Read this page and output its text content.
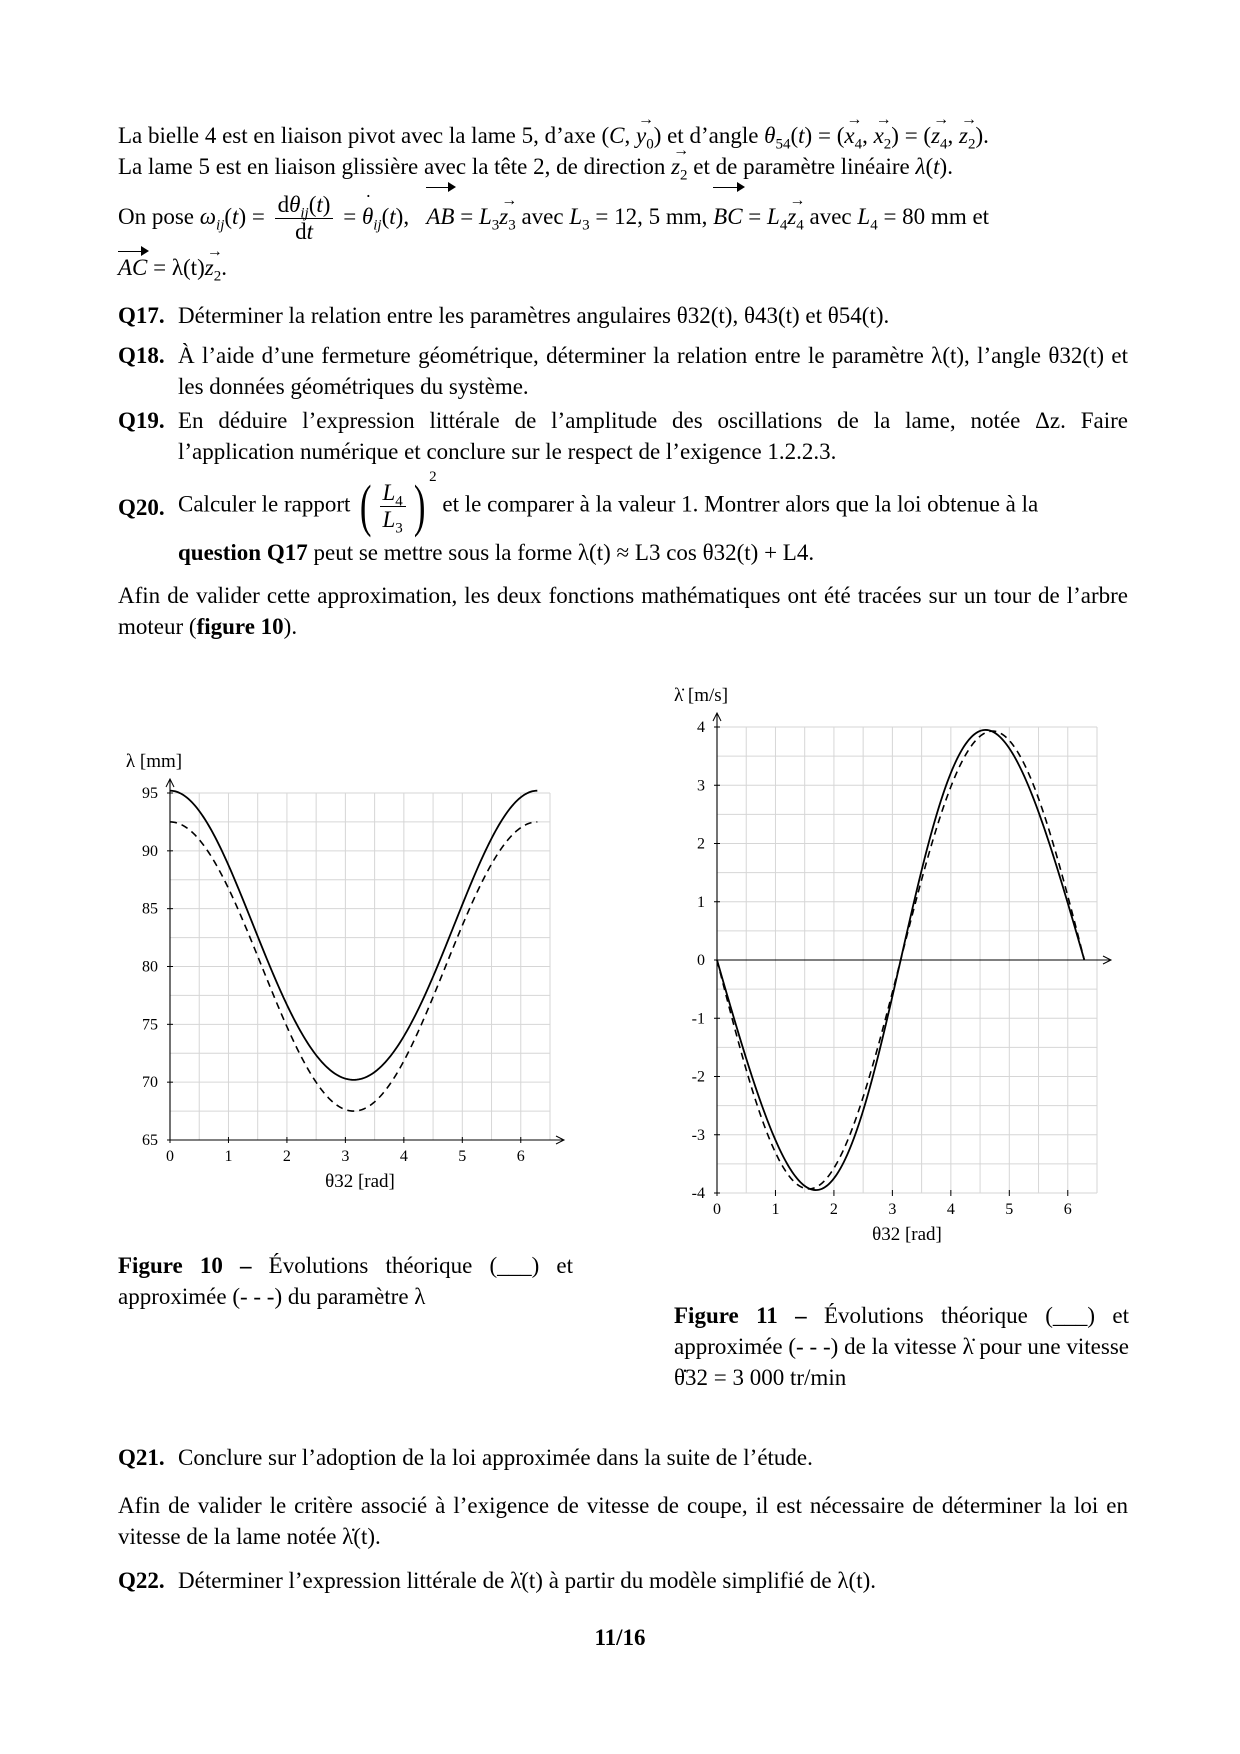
La bielle 4 est en liaison pivot avec la lame 5, d’axe (C, → $y_0$) et d’angle $\theta_{54}(t)$ = (→ $x_4$, → $x_2$) = (→ $z_4$, → $z_2$).
La lame 5 est en liaison glissière avec la tête 2, de direction → $z_2$ et de paramètre linéaire λ(t).
On pose $\omega_{ij}(t) = \frac{d\theta_{ij}(t)}{dt}$ = ˙ $\theta_{ij}(t)$,   AB = $L_3\to z_3$ avec $L_3 = 12$, 5 mm, BC = $L_4\to z_4$ avec $L_4 = 80$ mm et
AC = $\lambda(t)\to z_2$.
Q17. Déterminer la relation entre les paramètres angulaires θ32(t), θ43(t) et θ54(t).
Q18. À l’aide d’une fermeture géométrique, déterminer la relation entre le paramètre λ(t), l’angle θ32(t) et les données géométriques du système.
Q19. En déduire l’expression littérale de l’amplitude des oscillations de la lame, notée Δz. Faire l’application numérique et conclure sur le respect de l’exigence 1.2.2.3.
Q20. Calculer le rapport ( $\frac{L_4}{L_3}$ ) $^2$ et le comparer à la valeur 1. Montrer alors que la loi obtenue à la
question Q17 peut se mettre sous la forme λ(t) ≈ L3 cos θ32(t) + L4.
Afin de valider cette approximation, les deux fonctions mathématiques ont été tracées sur un tour de l’arbre moteur (figure 10).
0	1	2	3	4	5	6
65
70
75
80
85
90
95
λ [mm]
θ32 [rad]
0	1	2	3	4	5	6
-4
-3
-2
-1
0
1
2
3
4
λ̇ [m/s]
θ32 [rad]
Figure 10 – Évolutions théorique (___) et approximée (- - -) du paramètre λ
Figure 11 – Évolutions théorique (___) et approximée (- - -) de la vitesse λ̇ pour une vitesse θ̇32 = 3 000 tr/min
Q21. Conclure sur l’adoption de la loi approximée dans la suite de l’étude.
Afin de valider le critère associé à l’exigence de vitesse de coupe, il est nécessaire de déterminer la loi en vitesse de la lame notée λ̇(t).
Q22. Déterminer l’expression littérale de λ̇(t) à partir du modèle simplifié de λ(t).
11/16
